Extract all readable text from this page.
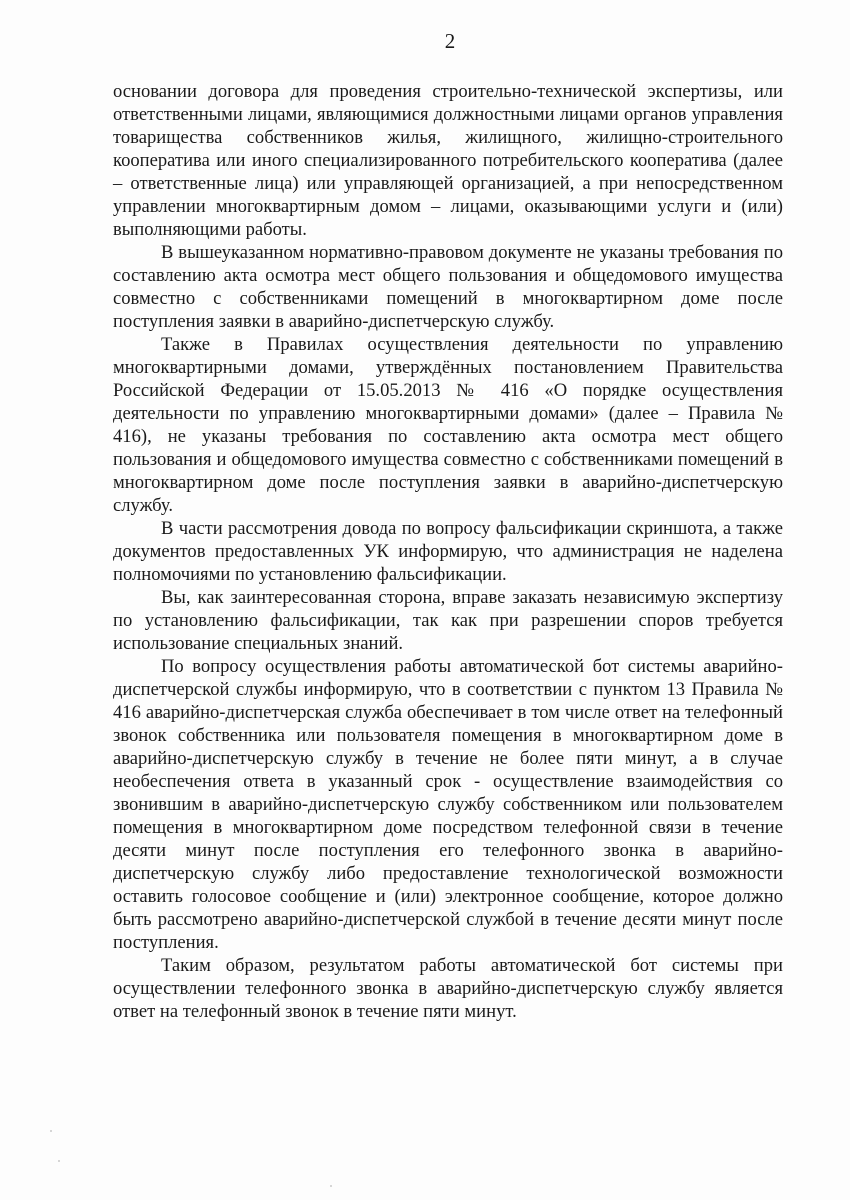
2

основании договора для проведения строительно-технической экспертизы, или ответственными лицами, являющимися должностными лицами органов управления товарищества собственников жилья, жилищного, жилищно-строительного кооператива или иного специализированного потребительского кооператива (далее – ответственные лица) или управляющей организацией, а при непосредственном управлении многоквартирным домом – лицами, оказывающими услуги и (или) выполняющими работы.

В вышеуказанном нормативно-правовом документе не указаны требования по составлению акта осмотра мест общего пользования и общедомового имущества совместно с собственниками помещений в многоквартирном доме после поступления заявки в аварийно-диспетчерскую службу.

Также в Правилах осуществления деятельности по управлению многоквартирными домами, утверждённых постановлением Правительства Российской Федерации от 15.05.2013 № 416 «О порядке осуществления деятельности по управлению многоквартирными домами» (далее – Правила № 416), не указаны требования по составлению акта осмотра мест общего пользования и общедомового имущества совместно с собственниками помещений в многоквартирном доме после поступления заявки в аварийно-диспетчерскую службу.

В части рассмотрения довода по вопросу фальсификации скриншота, а также документов предоставленных УК информирую, что администрация не наделена полномочиями по установлению фальсификации.

Вы, как заинтересованная сторона, вправе заказать независимую экспертизу по установлению фальсификации, так как при разрешении споров требуется использование специальных знаний.

По вопросу осуществления работы автоматической бот системы аварийно-диспетчерской службы информирую, что в соответствии с пунктом 13 Правила № 416 аварийно-диспетчерская служба обеспечивает в том числе ответ на телефонный звонок собственника или пользователя помещения в многоквартирном доме в аварийно-диспетчерскую службу в течение не более пяти минут, а в случае необеспечения ответа в указанный срок - осуществление взаимодействия со звонившим в аварийно-диспетчерскую службу собственником или пользователем помещения в многоквартирном доме посредством телефонной связи в течение десяти минут после поступления его телефонного звонка в аварийно-диспетчерскую службу либо предоставление технологической возможности оставить голосовое сообщение и (или) электронное сообщение, которое должно быть рассмотрено аварийно-диспетчерской службой в течение десяти минут после поступления.

Таким образом, результатом работы автоматической бот системы при осуществлении телефонного звонка в аварийно-диспетчерскую службу является ответ на телефонный звонок в течение пяти минут.
